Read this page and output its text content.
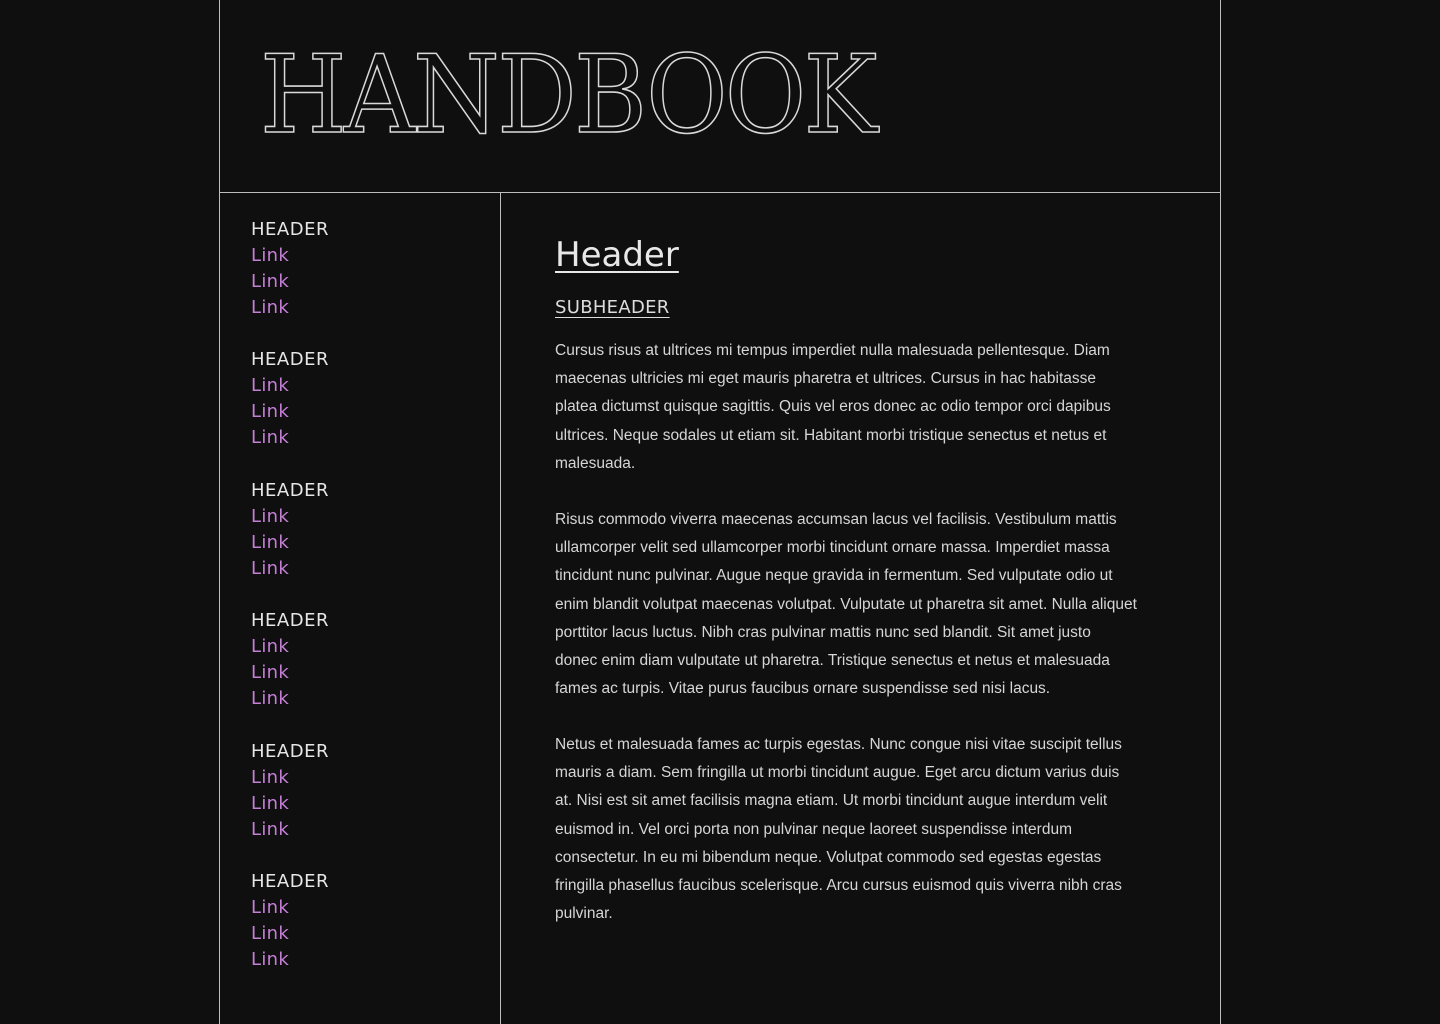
HANDBOOK
HEADER
Link
Link
Link
HEADER
Link
Link
Link
HEADER
Link
Link
Link
HEADER
Link
Link
Link
HEADER
Link
Link
Link
HEADER
Link
Link
Link
Header
SUBHEADER

Cursus risus at ultrices mi tempus imperdiet nulla malesuada pellentesque. Diam
maecenas ultricies mi eget mauris pharetra et ultrices. Cursus in hac habitasse
platea dictumst quisque sagittis. Quis vel eros donec ac odio tempor orci dapibus
ultrices. Neque sodales ut etiam sit. Habitant morbi tristique senectus et netus et
malesuada.

Risus commodo viverra maecenas accumsan lacus vel facilisis. Vestibulum mattis
ullamcorper velit sed ullamcorper morbi tincidunt ornare massa. Imperdiet massa
tincidunt nunc pulvinar. Augue neque gravida in fermentum. Sed vulputate odio ut
enim blandit volutpat maecenas volutpat. Vulputate ut pharetra sit amet. Nulla aliquet
porttitor lacus luctus. Nibh cras pulvinar mattis nunc sed blandit. Sit amet justo
donec enim diam vulputate ut pharetra. Tristique senectus et netus et malesuada
fames ac turpis. Vitae purus faucibus ornare suspendisse sed nisi lacus.

Netus et malesuada fames ac turpis egestas. Nunc congue nisi vitae suscipit tellus
mauris a diam. Sem fringilla ut morbi tincidunt augue. Eget arcu dictum varius duis
at. Nisi est sit amet facilisis magna etiam. Ut morbi tincidunt augue interdum velit
euismod in. Vel orci porta non pulvinar neque laoreet suspendisse interdum
consectetur. In eu mi bibendum neque. Volutpat commodo sed egestas egestas
fringilla phasellus faucibus scelerisque. Arcu cursus euismod quis viverra nibh cras
pulvinar.
